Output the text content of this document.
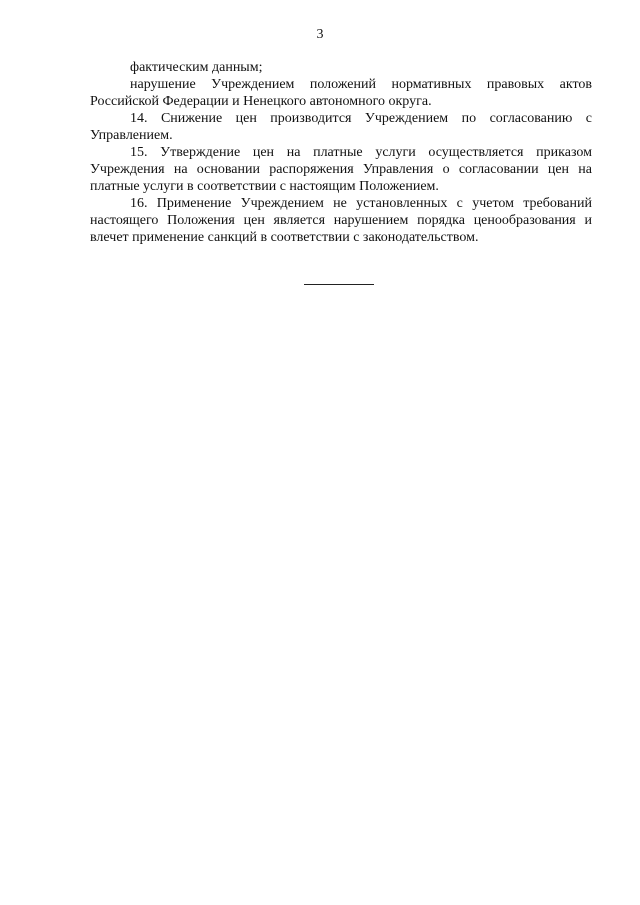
3

фактическим данным;

нарушение Учреждением положений нормативных правовых актов Российской Федерации и Ненецкого автономного округа.

14. Снижение цен производится Учреждением по согласованию с Управлением.

15. Утверждение цен на платные услуги осуществляется приказом Учреждения на основании распоряжения Управления о согласовании цен на платные услуги в соответствии с настоящим Положением.

16. Применение Учреждением не установленных с учетом требований настоящего Положения цен является нарушением порядка ценообразования и влечет применение санкций в соответствии с законодательством.
